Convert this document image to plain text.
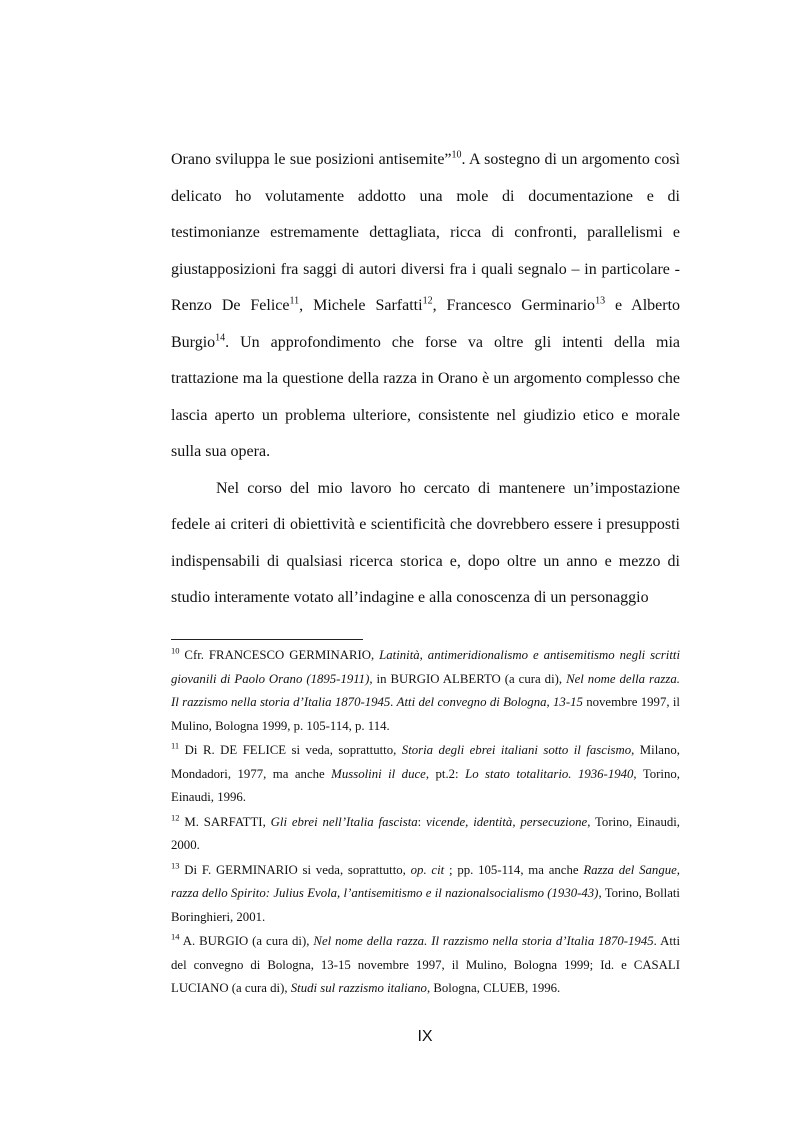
Orano sviluppa le sue posizioni antisemite”$^{10}$. A sostegno di un argomento così delicato ho volutamente addotto una mole di documentazione e di testimonianze estremamente dettagliata, ricca di confronti, parallelismi e giustapposizioni fra saggi di autori diversi fra i quali segnalo – in particolare - Renzo De Felice$^{11}$, Michele Sarfatti$^{12}$, Francesco Germinario$^{13}$ e Alberto Burgio$^{14}$. Un approfondimento che forse va oltre gli intenti della mia trattazione ma la questione della razza in Orano è un argomento complesso che lascia aperto un problema ulteriore, consistente nel giudizio etico e morale sulla sua opera.

Nel corso del mio lavoro ho cercato di mantenere un’impostazione fedele ai criteri di obiettività e scientificità che dovrebbero essere i presupposti indispensabili di qualsiasi ricerca storica e, dopo oltre un anno e mezzo di studio interamente votato all’indagine e alla conoscenza di un personaggio

$^{10}$ Cfr. FRANCESCO GERMINARIO, Latinità, antimeridionalismo e antisemitismo negli scritti giovanili di Paolo Orano (1895-1911), in BURGIO ALBERTO (a cura di), Nel nome della razza. Il razzismo nella storia d’Italia 1870-1945. Atti del convegno di Bologna, 13-15 novembre 1997, il Mulino, Bologna 1999, p. 105-114, p. 114.

$^{11}$ Di R. DE FELICE si veda, soprattutto, Storia degli ebrei italiani sotto il fascismo, Milano, Mondadori, 1977, ma anche Mussolini il duce, pt.2: Lo stato totalitario. 1936-1940, Torino, Einaudi, 1996.

$^{12}$ M. SARFATTI, Gli ebrei nell’Italia fascista: vicende, identità, persecuzione, Torino, Einaudi, 2000.

$^{13}$ Di F. GERMINARIO si veda, soprattutto, op. cit ; pp. 105-114, ma anche Razza del Sangue, razza dello Spirito: Julius Evola, l’antisemitismo e il nazionalsocialismo (1930-43), Torino, Bollati Boringhieri, 2001.

$^{14}$ A. BURGIO (a cura di), Nel nome della razza. Il razzismo nella storia d’Italia 1870-1945. Atti del convegno di Bologna, 13-15 novembre 1997, il Mulino, Bologna 1999; Id. e CASALI LUCIANO (a cura di), Studi sul razzismo italiano, Bologna, CLUEB, 1996.

IX
